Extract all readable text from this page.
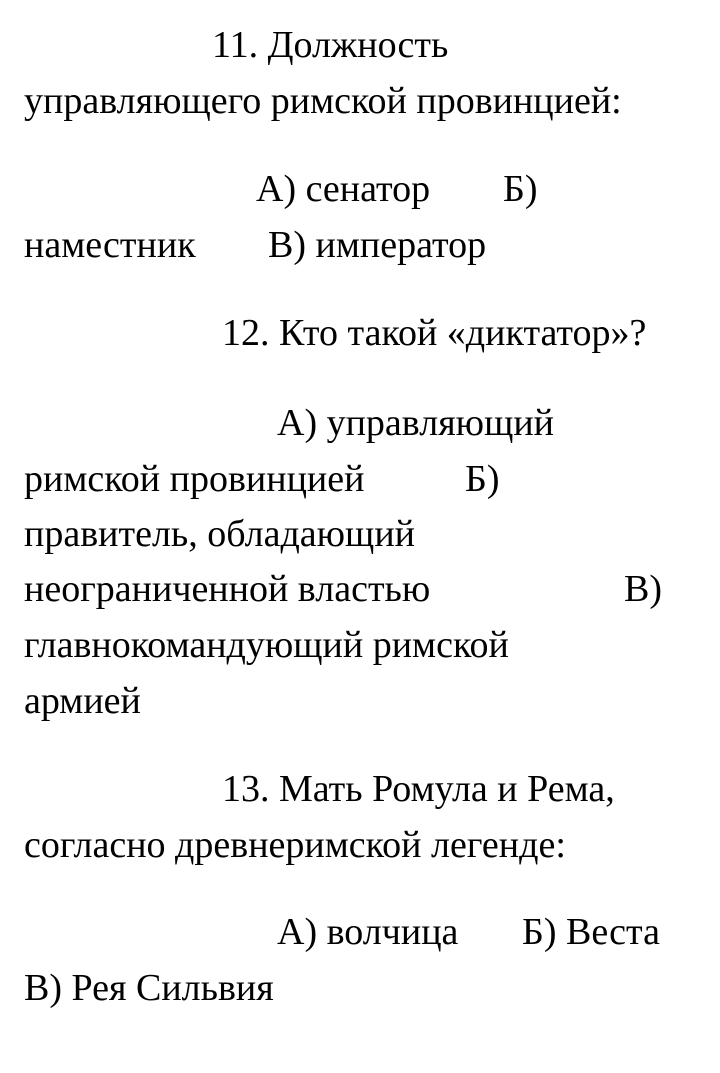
11. Должность
управляющего римской провинцией:
А) сенатор Б)
наместник В) император
12. Кто такой «диктатор»?
А) управляющий
римской провинцией	Б)
правитель, обладающий
неограниченной властью	В)
главнокомандующий римской
армией
13. Мать Ромула и Рема,
согласно древнеримской легенде:
А) волчица Б) Веста
В) Рея Сильвия
